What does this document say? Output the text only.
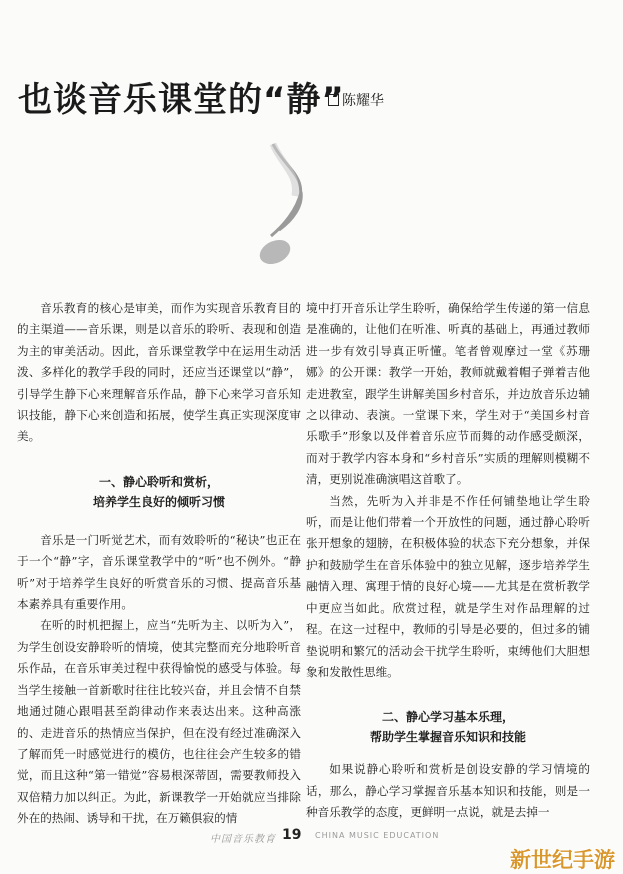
也谈音乐课堂的“静”
陈耀华

音乐教育的核心是审美，而作为实现音乐教育目的的主渠道——音乐课，则是以音乐的聆听、表现和创造为主的审美活动。因此，音乐课堂教学中在运用生动活泼、多样化的教学手段的同时，还应当还课堂以“静”，引导学生静下心来理解音乐作品，静下心来学习音乐知识技能，静下心来创造和拓展，使学生真正实现深度审美。

一、静心聆听和赏析，
培养学生良好的倾听习惯

音乐是一门听觉艺术，而有效聆听的“秘诀”也正在于一个“静”字，音乐课堂教学中的“听”也不例外。“静听”对于培养学生良好的听赏音乐的习惯、提高音乐基本素养具有重要作用。

在听的时机把握上，应当“先听为主、以听为入”，为学生创设安静聆听的情境，使其完整而充分地聆听音乐作品，在音乐审美过程中获得愉悦的感受与体验。每当学生接触一首新歌时往往比较兴奋，并且会情不自禁地通过随心跟唱甚至韵律动作来表达出来。这种高涨的、走进音乐的热情应当保护，但在没有经过准确深入了解而凭一时感觉进行的模仿，也往往会产生较多的错觉，而且这种“第一错觉”容易根深蒂固，需要教师投入双倍精力加以纠正。为此，新课教学一开始就应当排除外在的热闹、诱导和干扰，在万籁俱寂的情

境中打开音乐让学生聆听，确保给学生传递的第一信息是准确的，让他们在听准、听真的基础上，再通过教师进一步有效引导真正听懂。笔者曾观摩过一堂《苏珊娜》的公开课：教学一开始，教师就戴着帽子弹着吉他走进教室，跟学生讲解美国乡村音乐，并边放音乐边辅之以律动、表演。一堂课下来，学生对于“美国乡村音乐歌手”形象以及伴着音乐应节而舞的动作感受颇深，而对于教学内容本身和“乡村音乐”实质的理解则模糊不清，更别说准确演唱这首歌了。

当然，先听为入并非是不作任何铺垫地让学生聆听，而是让他们带着一个开放性的问题，通过静心聆听张开想象的翅膀，在积极体验的状态下充分想象，并保护和鼓励学生在音乐体验中的独立见解，逐步培养学生融情入理、寓理于情的良好心境——尤其是在赏析教学中更应当如此。欣赏过程，就是学生对作品理解的过程。在这一过程中，教师的引导是必要的，但过多的铺垫说明和繁冗的活动会干扰学生聆听，束缚他们大胆想象和发散性思维。

二、静心学习基本乐理，
帮助学生掌握音乐知识和技能

如果说静心聆听和赏析是创设安静的学习情境的话，那么，静心学习掌握音乐基本知识和技能，则是一种音乐教学的态度，更鲜明一点说，就是去掉一

中国音乐教育 19 CHINA MUSIC EDUCATION
新世纪手游
